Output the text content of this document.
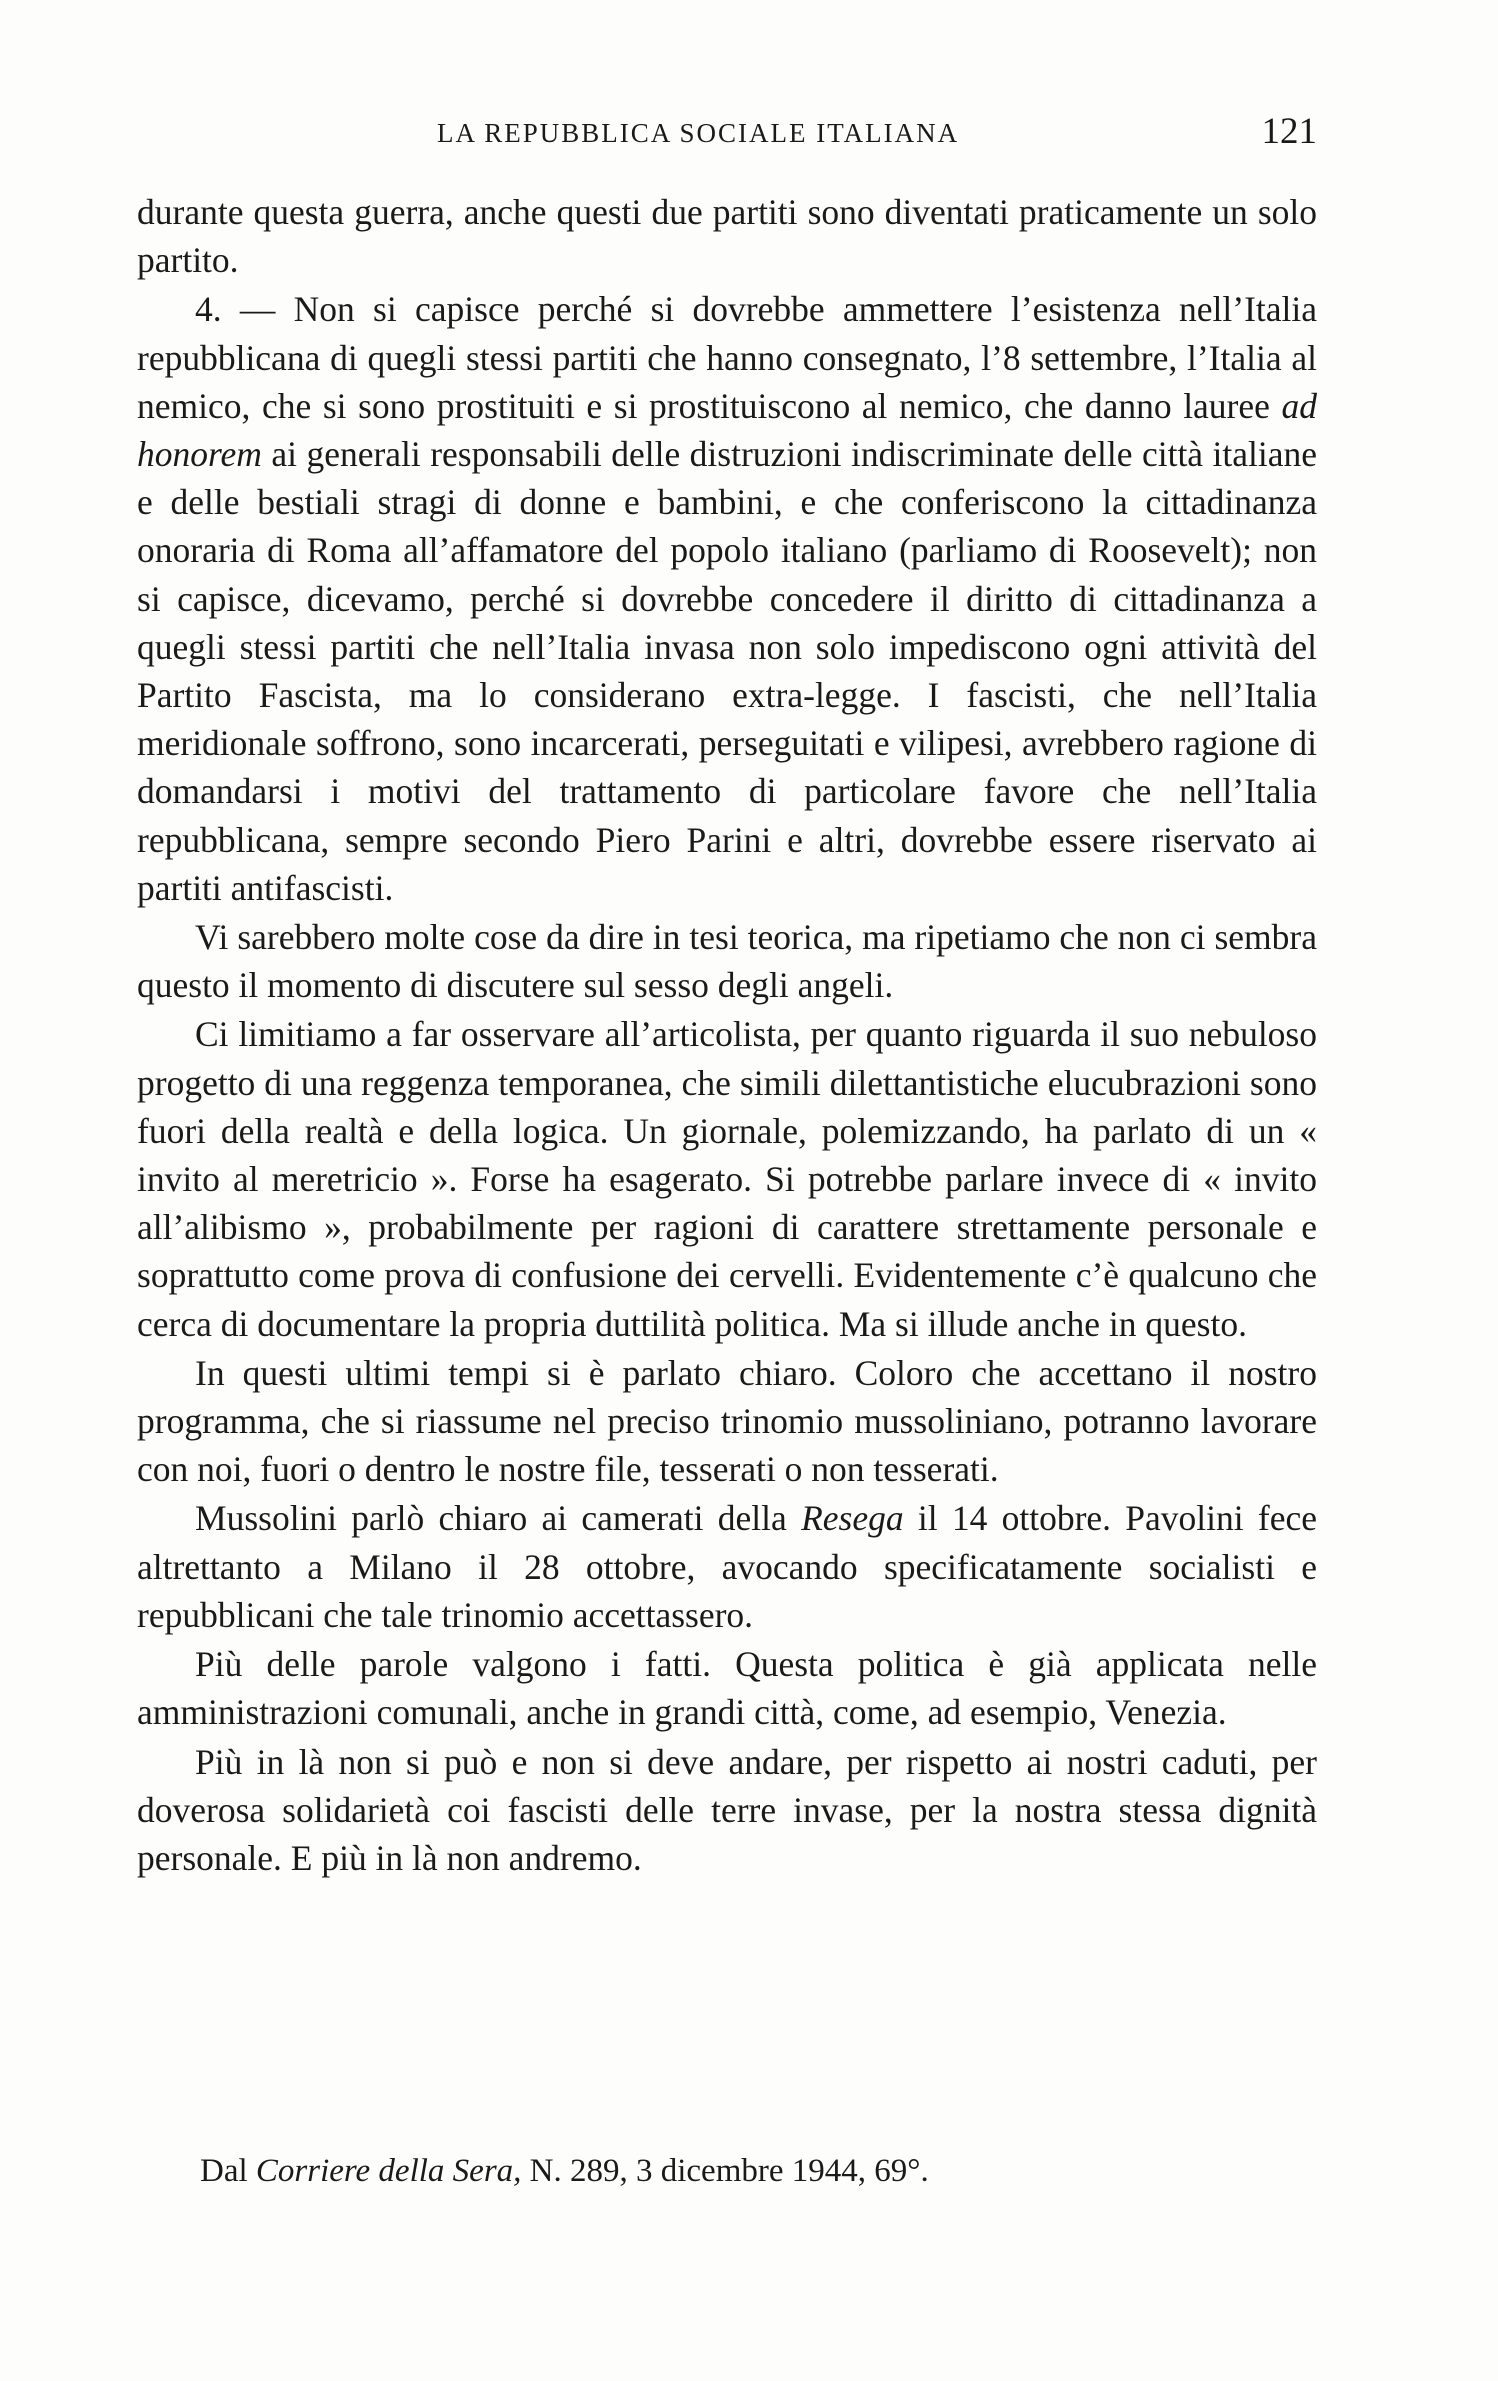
LA REPUBBLICA SOCIALE ITALIANA	121

durante questa guerra, anche questi due partiti sono diventati praticamente un solo partito.

4. — Non si capisce perché si dovrebbe ammettere l’esistenza nell’Italia repubblicana di quegli stessi partiti che hanno consegnato, l’8 settembre, l’Italia al nemico, che si sono prostituiti e si prostituiscono al nemico, che danno lauree ad honorem ai generali responsabili delle distruzioni indiscriminate delle città italiane e delle bestiali stragi di donne e bambini, e che conferiscono la cittadinanza onoraria di Roma all’affamatore del popolo italiano (parliamo di Roosevelt); non si capisce, dicevamo, perché si dovrebbe concedere il diritto di cittadinanza a quegli stessi partiti che nell’Italia invasa non solo impediscono ogni attività del Partito Fascista, ma lo considerano extra-legge. I fascisti, che nell’Italia meridionale soffrono, sono incarcerati, perseguitati e vilipesi, avrebbero ragione di domandarsi i motivi del trattamento di particolare favore che nell’Italia repubblicana, sempre secondo Piero Parini e altri, dovrebbe essere riservato ai partiti antifascisti.

Vi sarebbero molte cose da dire in tesi teorica, ma ripetiamo che non ci sembra questo il momento di discutere sul sesso degli angeli.

Ci limitiamo a far osservare all’articolista, per quanto riguarda il suo nebuloso progetto di una reggenza temporanea, che simili dilettantistiche elucubrazioni sono fuori della realtà e della logica. Un giornale, polemizzando, ha parlato di un « invito al meretricio ». Forse ha esagerato. Si potrebbe parlare invece di « invito all’alibismo », probabilmente per ragioni di carattere strettamente personale e soprattutto come prova di confusione dei cervelli. Evidentemente c’è qualcuno che cerca di documentare la propria duttilità politica. Ma si illude anche in questo.

In questi ultimi tempi si è parlato chiaro. Coloro che accettano il nostro programma, che si riassume nel preciso trinomio mussoliniano, potranno lavorare con noi, fuori o dentro le nostre file, tesserati o non tesserati.

Mussolini parlò chiaro ai camerati della Resega il 14 ottobre. Pavolini fece altrettanto a Milano il 28 ottobre, avocando specificatamente socialisti e repubblicani che tale trinomio accettassero.

Più delle parole valgono i fatti. Questa politica è già applicata nelle amministrazioni comunali, anche in grandi città, come, ad esempio, Venezia.

Più in là non si può e non si deve andare, per rispetto ai nostri caduti, per doverosa solidarietà coi fascisti delle terre invase, per la nostra stessa dignità personale. E più in là non andremo.

Dal Corriere della Sera, N. 289, 3 dicembre 1944, 69°.
